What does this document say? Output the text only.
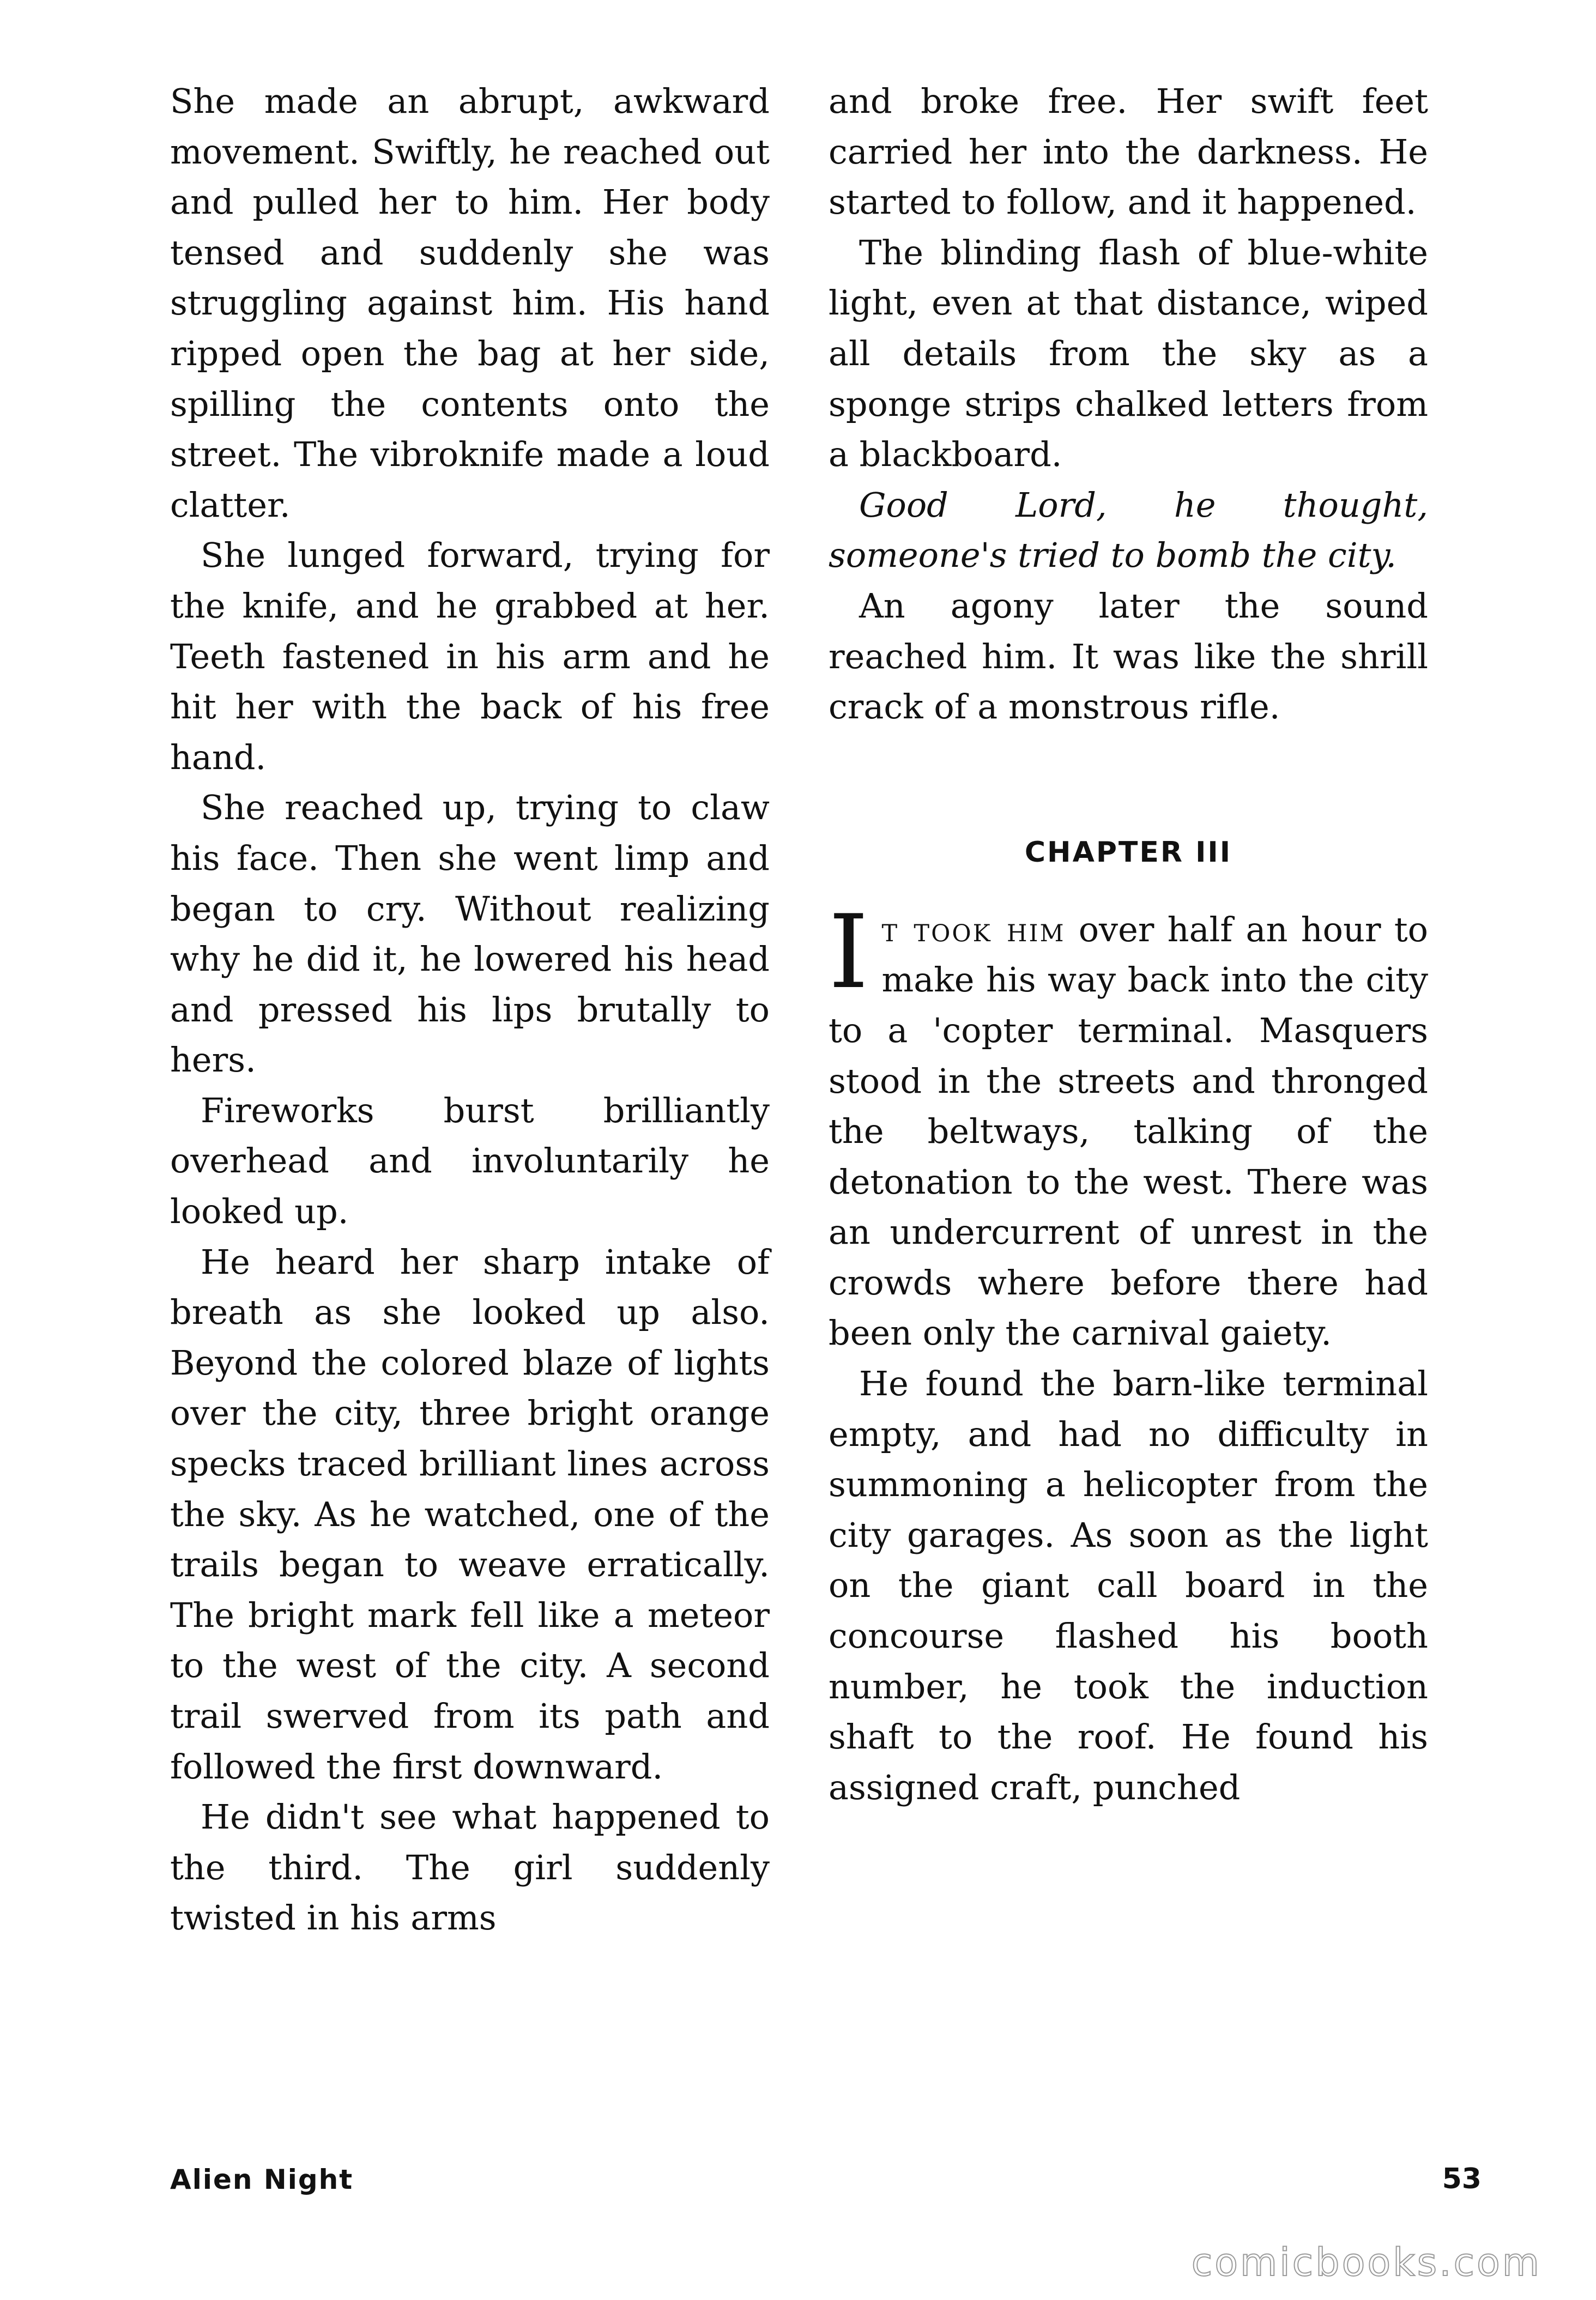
She made an abrupt, awkward movement. Swiftly, he reached out and pulled her to him. Her body tensed and suddenly she was struggling against him. His hand ripped open the bag at her side, spilling the contents onto the street. The vibroknife made a loud clatter.

She lunged forward, trying for the knife, and he grabbed at her. Teeth fastened in his arm and he hit her with the back of his free hand.

She reached up, trying to claw his face. Then she went limp and began to cry. Without realizing why he did it, he lowered his head and pressed his lips brutally to hers.

Fireworks burst brilliantly overhead and involuntarily he looked up.

He heard her sharp intake of breath as she looked up also. Beyond the colored blaze of lights over the city, three bright orange specks traced brilliant lines across the sky. As he watched, one of the trails began to weave erratically. The bright mark fell like a meteor to the west of the city. A second trail swerved from its path and followed the first downward.

He didn't see what happened to the third. The girl suddenly twisted in his arms

and broke free. Her swift feet carried her into the darkness. He started to follow, and it happened.

The blinding flash of blue-white light, even at that distance, wiped all details from the sky as a sponge strips chalked letters from a blackboard.

Good Lord, he thought, someone's tried to bomb the city.

An agony later the sound reached him. It was like the shrill crack of a monstrous rifle.

CHAPTER III

It took him over half an hour to make his way back into the city to a 'copter terminal. Masquers stood in the streets and thronged the beltways, talking of the detonation to the west. There was an undercurrent of unrest in the crowds where before there had been only the carnival gaiety.

He found the barn-like terminal empty, and had no difficulty in summoning a helicopter from the city garages. As soon as the light on the giant call board in the concourse flashed his booth number, he took the induction shaft to the roof. He found his assigned craft, punched

Alien Night	53
comicbooks.com
